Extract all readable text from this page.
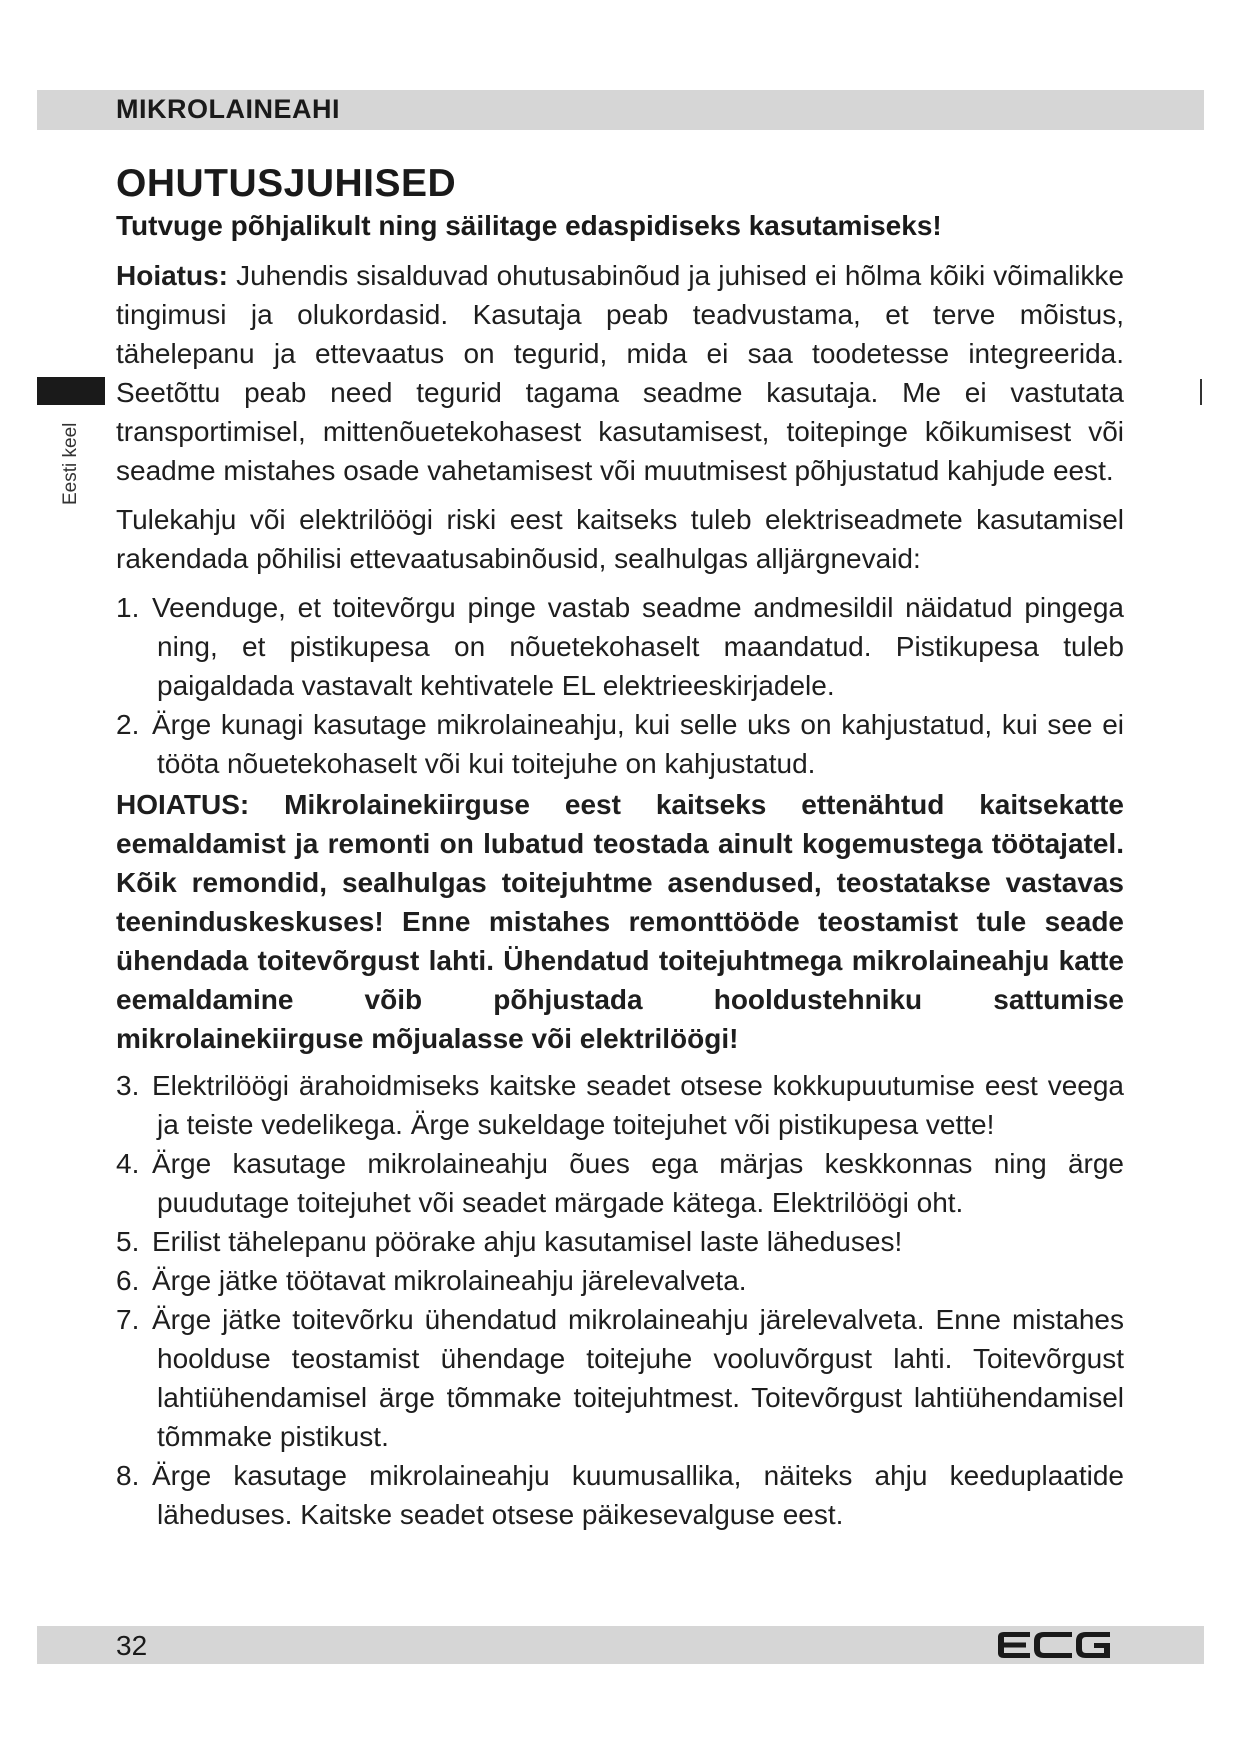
MIKROLAINEAHI
Eesti keel
OHUTUSJUHISED
Tutvuge põhjalikult ning säilitage edaspidiseks kasutamiseks!

Hoiatus: Juhendis sisalduvad ohutusabinõud ja juhised ei hõlma kõiki võimalikke tingimusi ja olukordasid. Kasutaja peab teadvustama, et terve mõistus, tähelepanu ja ettevaatus on tegurid, mida ei saa toodetesse integreerida. Seetõttu peab need tegurid tagama seadme kasutaja. Me ei vastutata transportimisel, mittenõuetekohasest kasutamisest, toitepinge kõikumisest või seadme mistahes osade vahetamisest või muutmisest põhjustatud kahjude eest.

Tulekahju või elektrilöögi riski eest kaitseks tuleb elektriseadmete kasutamisel rakendada põhilisi ettevaatusabinõusid, sealhulgas alljärgnevaid:

1. Veenduge, et toitevõrgu pinge vastab seadme andmesildil näidatud pingega ning, et pistikupesa on nõuetekohaselt maandatud. Pistikupesa tuleb paigaldada vastavalt kehtivatele EL elektrieeskirjadele.
2. Ärge kunagi kasutage mikrolaineahju, kui selle uks on kahjustatud, kui see ei tööta nõuetekohaselt või kui toitejuhe on kahjustatud.

HOIATUS: Mikrolainekiirguse eest kaitseks ettenähtud kaitsekatte eemaldamist ja remonti on lubatud teostada ainult kogemustega töötajatel. Kõik remondid, sealhulgas toitejuhtme asendused, teostatakse vastavas teeninduskeskuses! Enne mistahes remonttööde teostamist tule seade ühendada toitevõrgust lahti. Ühendatud toitejuhtmega mikrolaineahju katte eemaldamine võib põhjustada hooldustehniku sattumise mikrolainekiirguse mõjualasse või elektrilöögi!

3. Elektrilöögi ärahoidmiseks kaitske seadet otsese kokkupuutumise eest veega ja teiste vedelikega. Ärge sukeldage toitejuhet või pistikupesa vette!
4. Ärge kasutage mikrolaineahju õues ega märjas keskkonnas ning ärge puudutage toitejuhet või seadet märgade kätega. Elektrilöögi oht.
5. Erilist tähelepanu pöörake ahju kasutamisel laste läheduses!
6. Ärge jätke töötavat mikrolaineahju järelevalveta.
7. Ärge jätke toitevõrku ühendatud mikrolaineahju järelevalveta. Enne mistahes hoolduse teostamist ühendage toitejuhe vooluvõrgust lahti. Toitevõrgust lahtiühendamisel ärge tõmmake toitejuhtmest. Toitevõrgust lahtiühendamisel tõmmake pistikust.
8. Ärge kasutage mikrolaineahju kuumusallika, näiteks ahju keeduplaatide läheduses. Kaitske seadet otsese päikesevalguse eest.
32
